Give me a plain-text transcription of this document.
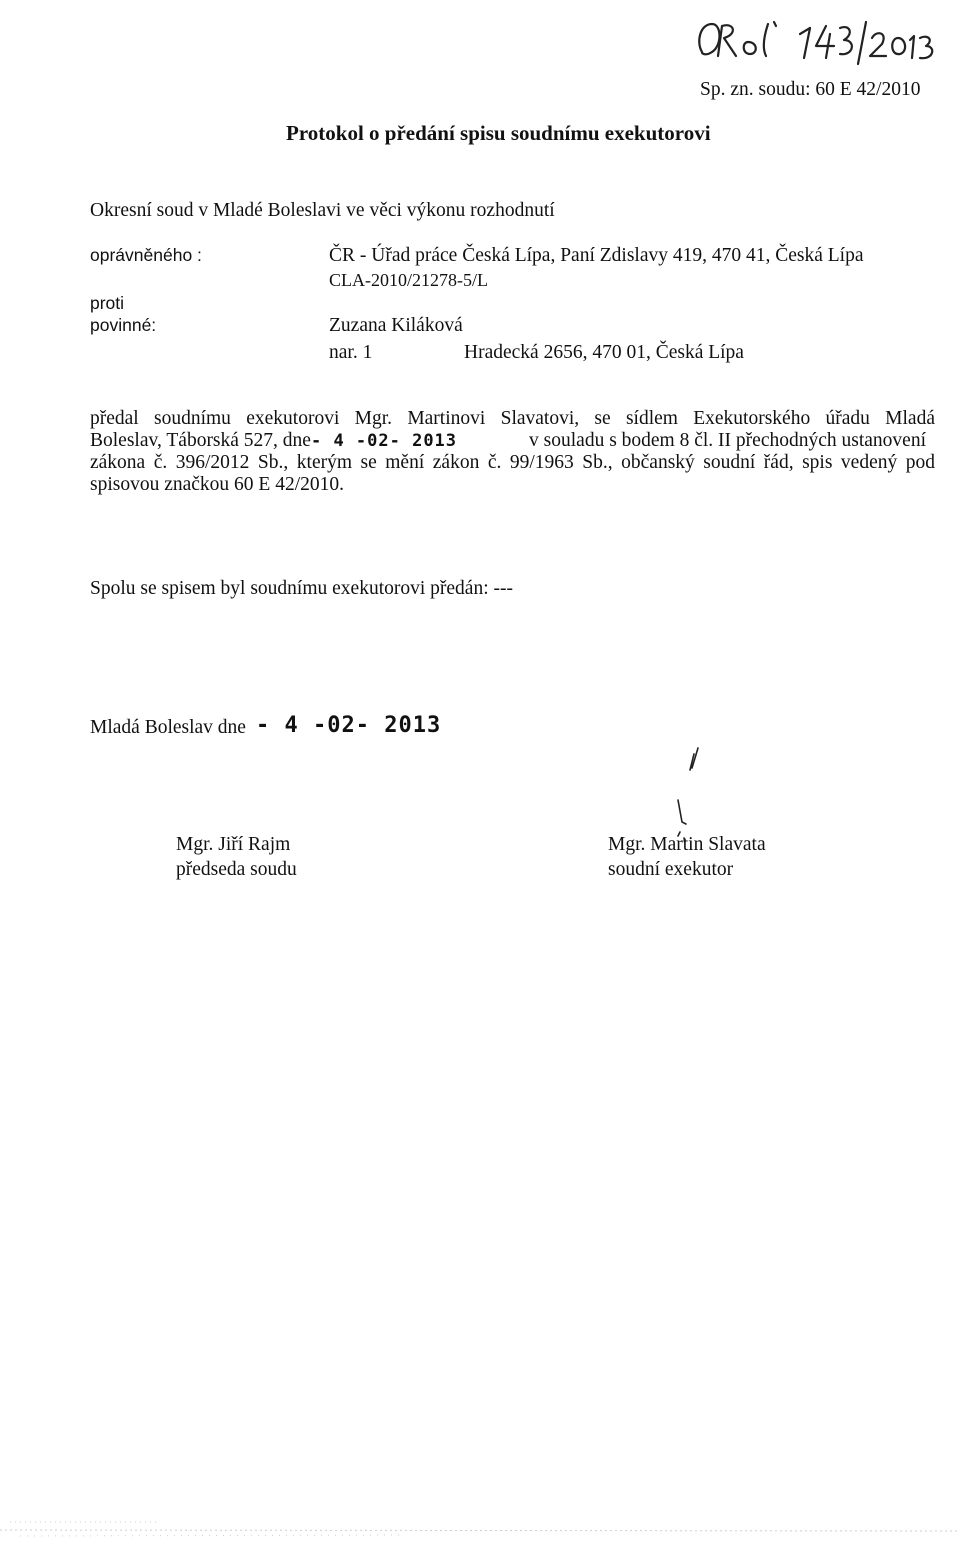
Sp. zn. soudu: 60 E 42/2010
Protokol o předání spisu soudnímu exekutorovi
Okresní soud v Mladé Boleslavi ve věci výkonu rozhodnutí
oprávněného :	ČR - Úřad práce Česká Lípa, Paní Zdislavy 419, 470 41, Česká Lípa
CLA-2010/21278-5/L
proti
povinné:	Zuzana Kiláková
nar. 1	Hradecká 2656, 470 01, Česká Lípa
předal soudnímu exekutorovi Mgr. Martinovi Slavatovi, se sídlem Exekutorského úřadu Mladá
Boleslav, Táborská 527, dne- 4 -02- 2013	v souladu s bodem 8 čl. II přechodných ustanovení
zákona č. 396/2012 Sb., kterým se mění zákon č. 99/1963 Sb., občanský soudní řád, spis vedený pod
spisovou značkou 60 E 42/2010.
Spolu se spisem byl soudnímu exekutorovi předán: ---
Mladá Boleslav dne - 4 -02- 2013
Mgr. Jiří Rajm
předseda soudu
Mgr. Martin Slavata
soudní exekutor
